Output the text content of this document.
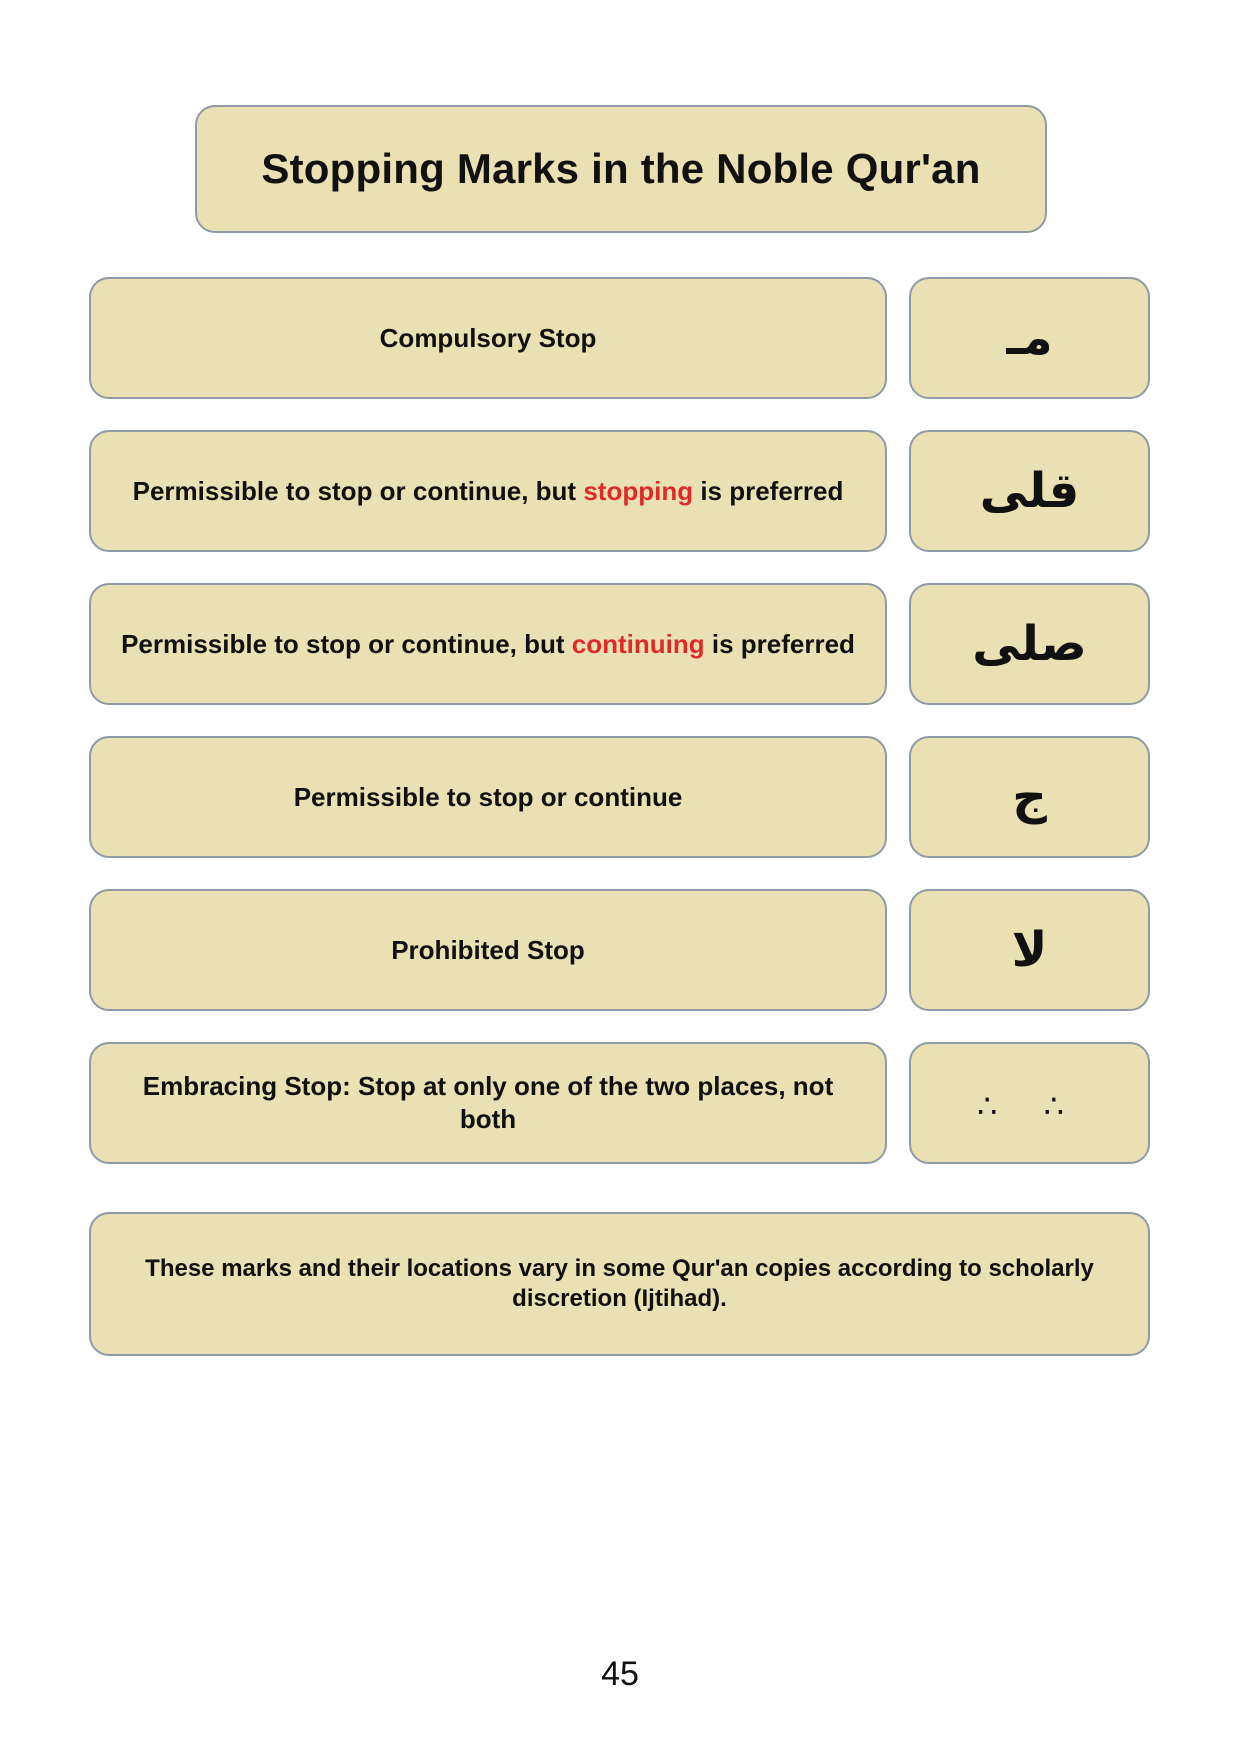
Stopping Marks in the Noble Qur'an
Compulsory Stop	مـ
Permissible to stop or continue, but stopping is preferred	قلى
Permissible to stop or continue, but continuing is preferred صلى
Permissible to stop or continue	ج
Prohibited Stop	لا
Embracing Stop: Stop at only one of the two places, not both	∴ ∴
These marks and their locations vary in some Qur'an copies according to scholarly discretion (Ijtihad).
45
